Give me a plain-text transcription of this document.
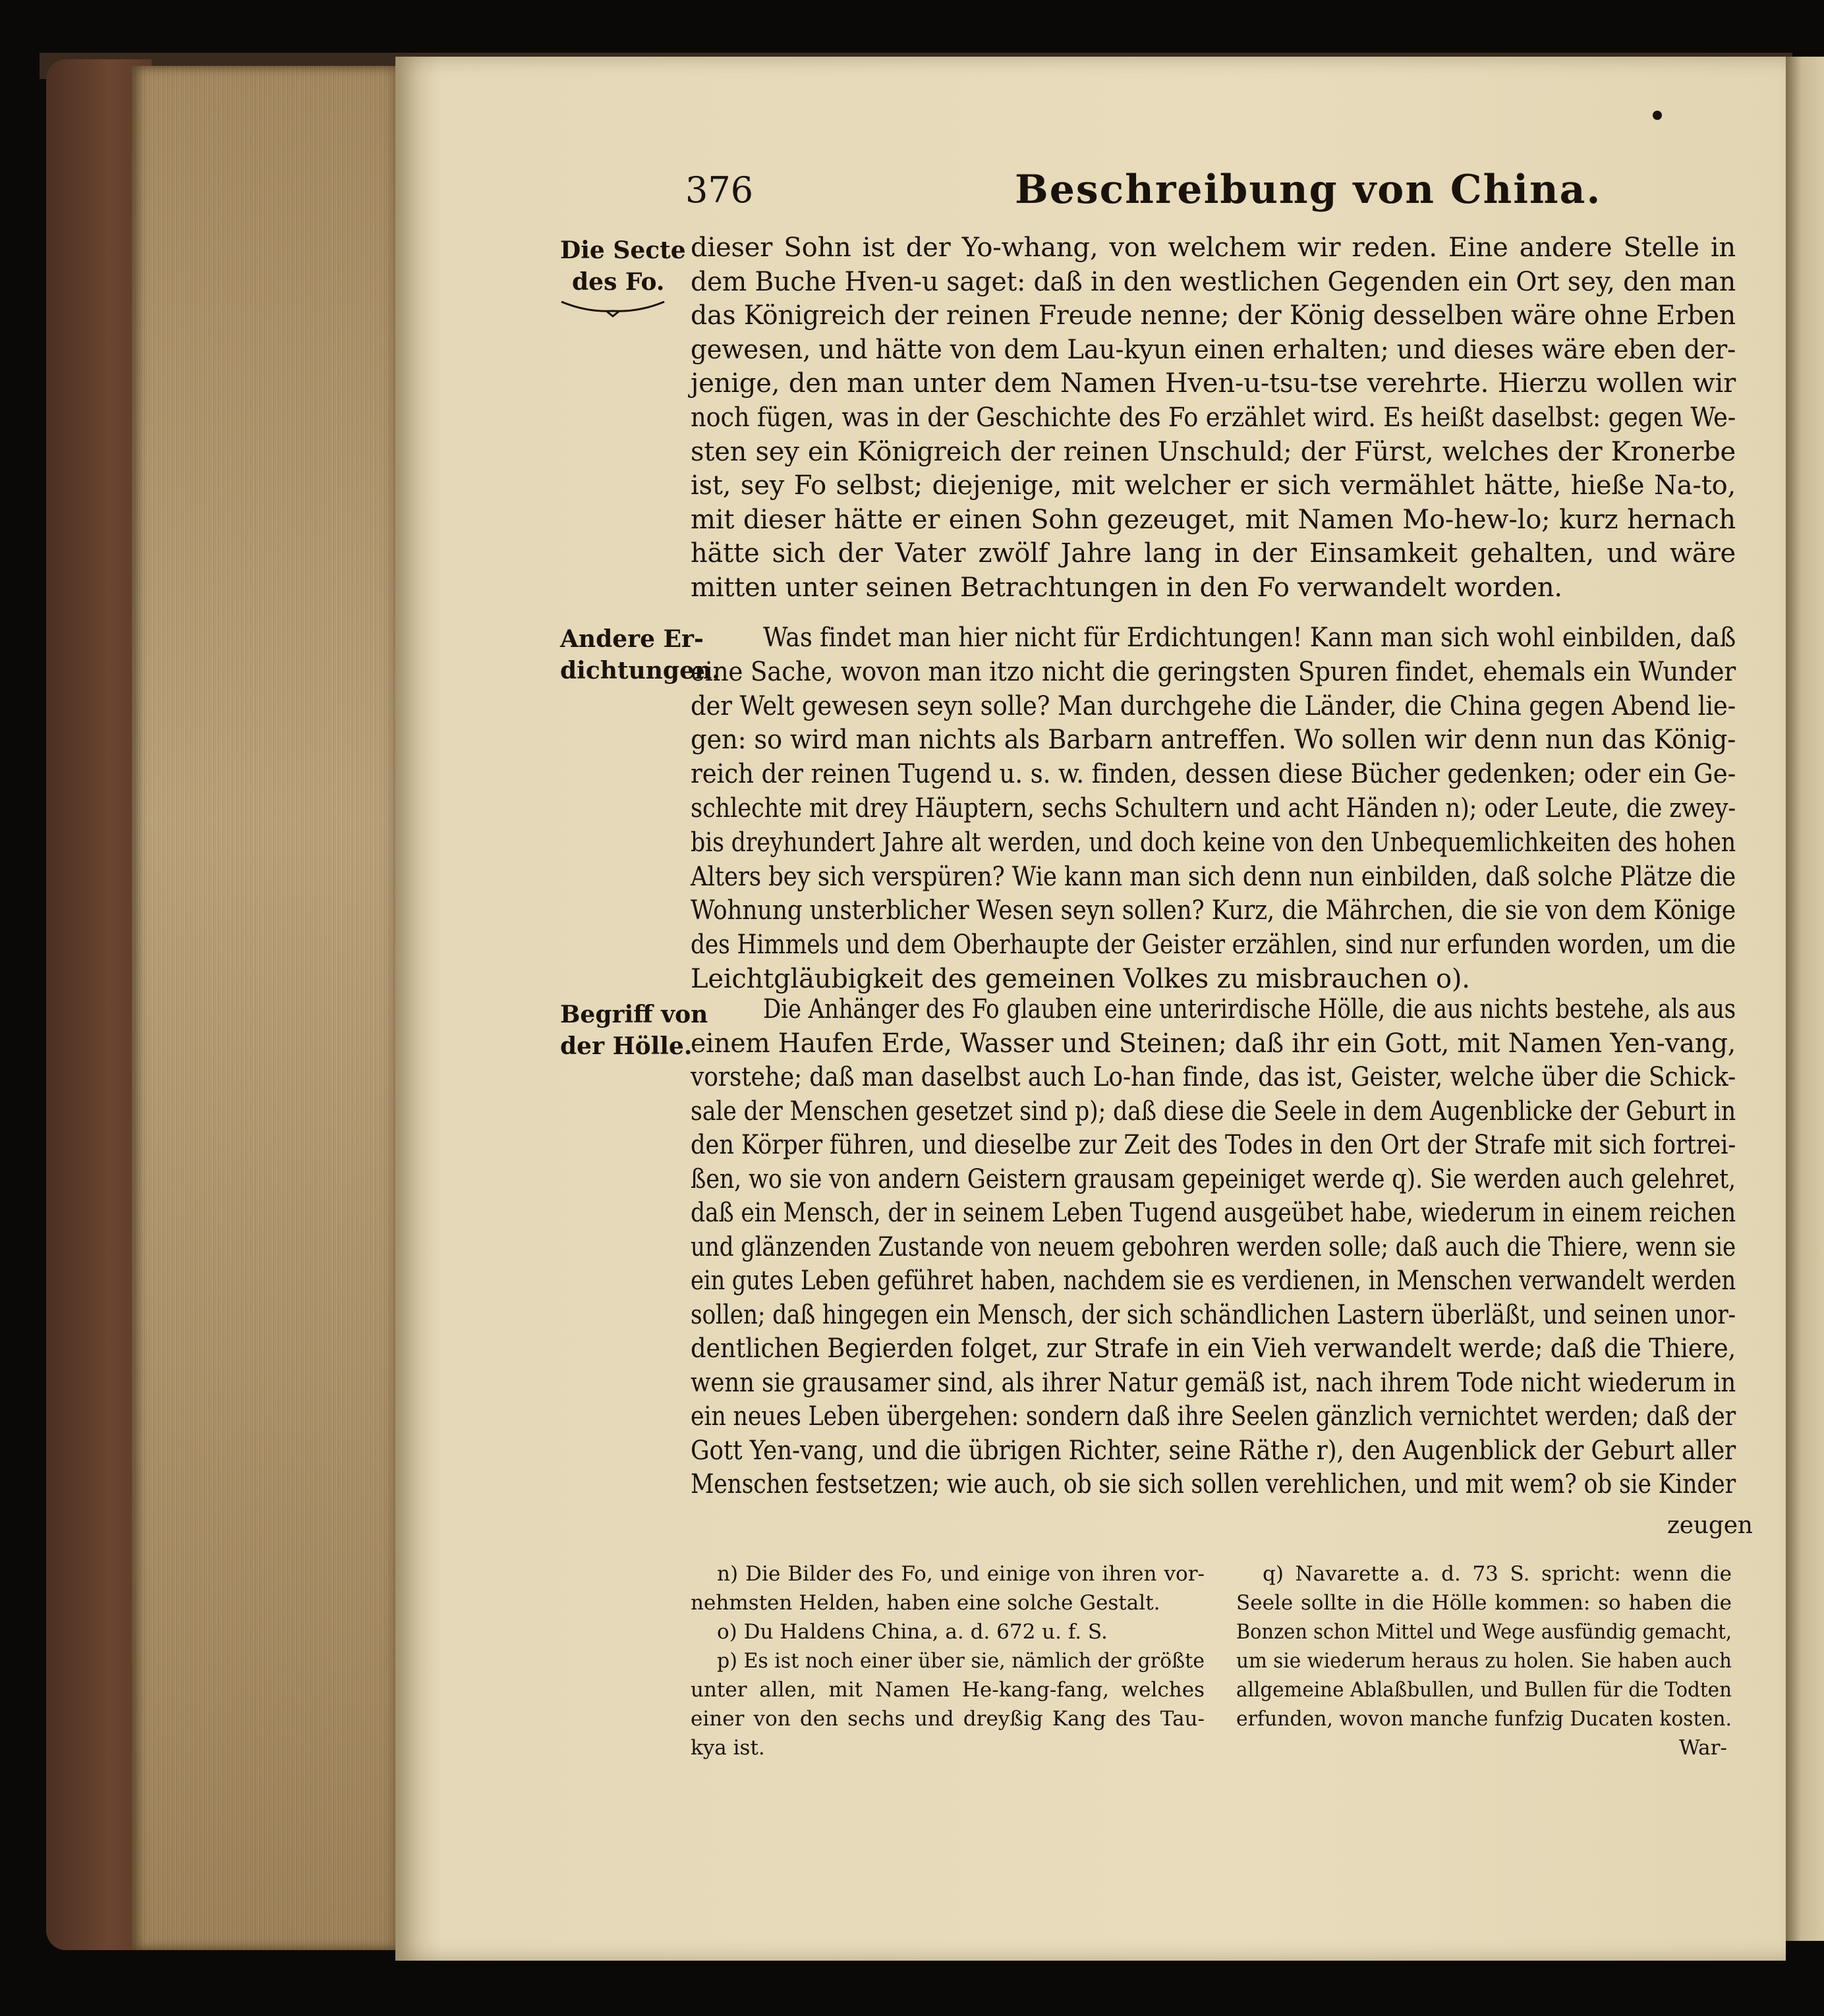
376	Beschreibung von China.
Die Secte
des Fo.
Andere Er-
dichtungen.
Begriff von
der Hölle.
dieser Sohn ist der Yo-whang, von welchem wir reden. Eine andere Stelle in
dem Buche Hven-u saget: daß in den westlichen Gegenden ein Ort sey, den man
das Königreich der reinen Freude nenne; der König desselben wäre ohne Erben
gewesen, und hätte von dem Lau-kyun einen erhalten; und dieses wäre eben der-
jenige, den man unter dem Namen Hven-u-tsu-tse verehrte. Hierzu wollen wir
noch fügen, was in der Geschichte des Fo erzählet wird. Es heißt daselbst: gegen We-
sten sey ein Königreich der reinen Unschuld; der Fürst, welches der Kronerbe
ist, sey Fo selbst; diejenige, mit welcher er sich vermählet hätte, hieße Na-to,
mit dieser hätte er einen Sohn gezeuget, mit Namen Mo-hew-lo; kurz hernach
hätte sich der Vater zwölf Jahre lang in der Einsamkeit gehalten, und wäre
mitten unter seinen Betrachtungen in den Fo verwandelt worden.
Was findet man hier nicht für Erdichtungen! Kann man sich wohl einbilden, daß
eine Sache, wovon man itzo nicht die geringsten Spuren findet, ehemals ein Wunder
der Welt gewesen seyn solle? Man durchgehe die Länder, die China gegen Abend lie-
gen: so wird man nichts als Barbarn antreffen. Wo sollen wir denn nun das König-
reich der reinen Tugend u. s. w. finden, dessen diese Bücher gedenken; oder ein Ge-
schlechte mit drey Häuptern, sechs Schultern und acht Händen n); oder Leute, die zwey-
bis dreyhundert Jahre alt werden, und doch keine von den Unbequemlichkeiten des hohen
Alters bey sich verspüren? Wie kann man sich denn nun einbilden, daß solche Plätze die
Wohnung unsterblicher Wesen seyn sollen? Kurz, die Mährchen, die sie von dem Könige
des Himmels und dem Oberhaupte der Geister erzählen, sind nur erfunden worden, um die
Leichtgläubigkeit des gemeinen Volkes zu misbrauchen o).
Die Anhänger des Fo glauben eine unterirdische Hölle, die aus nichts bestehe, als aus
einem Haufen Erde, Wasser und Steinen; daß ihr ein Gott, mit Namen Yen-vang,
vorstehe; daß man daselbst auch Lo-han finde, das ist, Geister, welche über die Schick-
sale der Menschen gesetzet sind p); daß diese die Seele in dem Augenblicke der Geburt in
den Körper führen, und dieselbe zur Zeit des Todes in den Ort der Strafe mit sich fortrei-
ßen, wo sie von andern Geistern grausam gepeiniget werde q). Sie werden auch gelehret,
daß ein Mensch, der in seinem Leben Tugend ausgeübet habe, wiederum in einem reichen
und glänzenden Zustande von neuem gebohren werden solle; daß auch die Thiere, wenn sie
ein gutes Leben geführet haben, nachdem sie es verdienen, in Menschen verwandelt werden
sollen; daß hingegen ein Mensch, der sich schändlichen Lastern überläßt, und seinen unor-
dentlichen Begierden folget, zur Strafe in ein Vieh verwandelt werde; daß die Thiere,
wenn sie grausamer sind, als ihrer Natur gemäß ist, nach ihrem Tode nicht wiederum in
ein neues Leben übergehen: sondern daß ihre Seelen gänzlich vernichtet werden; daß der
Gott Yen-vang, und die übrigen Richter, seine Räthe r), den Augenblick der Geburt aller
Menschen festsetzen; wie auch, ob sie sich sollen verehlichen, und mit wem? ob sie Kinder
zeugen
n) Die Bilder des Fo, und einige von ihren vor-
nehmsten Helden, haben eine solche Gestalt.
o) Du Haldens China, a. d. 672 u. f. S.
p) Es ist noch einer über sie, nämlich der größte
unter allen, mit Namen He-kang-fang, welches
einer von den sechs und dreyßig Kang des Tau-
kya ist.
q) Navarette a. d. 73 S. spricht: wenn die
Seele sollte in die Hölle kommen: so haben die
Bonzen schon Mittel und Wege ausfündig gemacht,
um sie wiederum heraus zu holen. Sie haben auch
allgemeine Ablaßbullen, und Bullen für die Todten
erfunden, wovon manche funfzig Ducaten kosten.
War-
